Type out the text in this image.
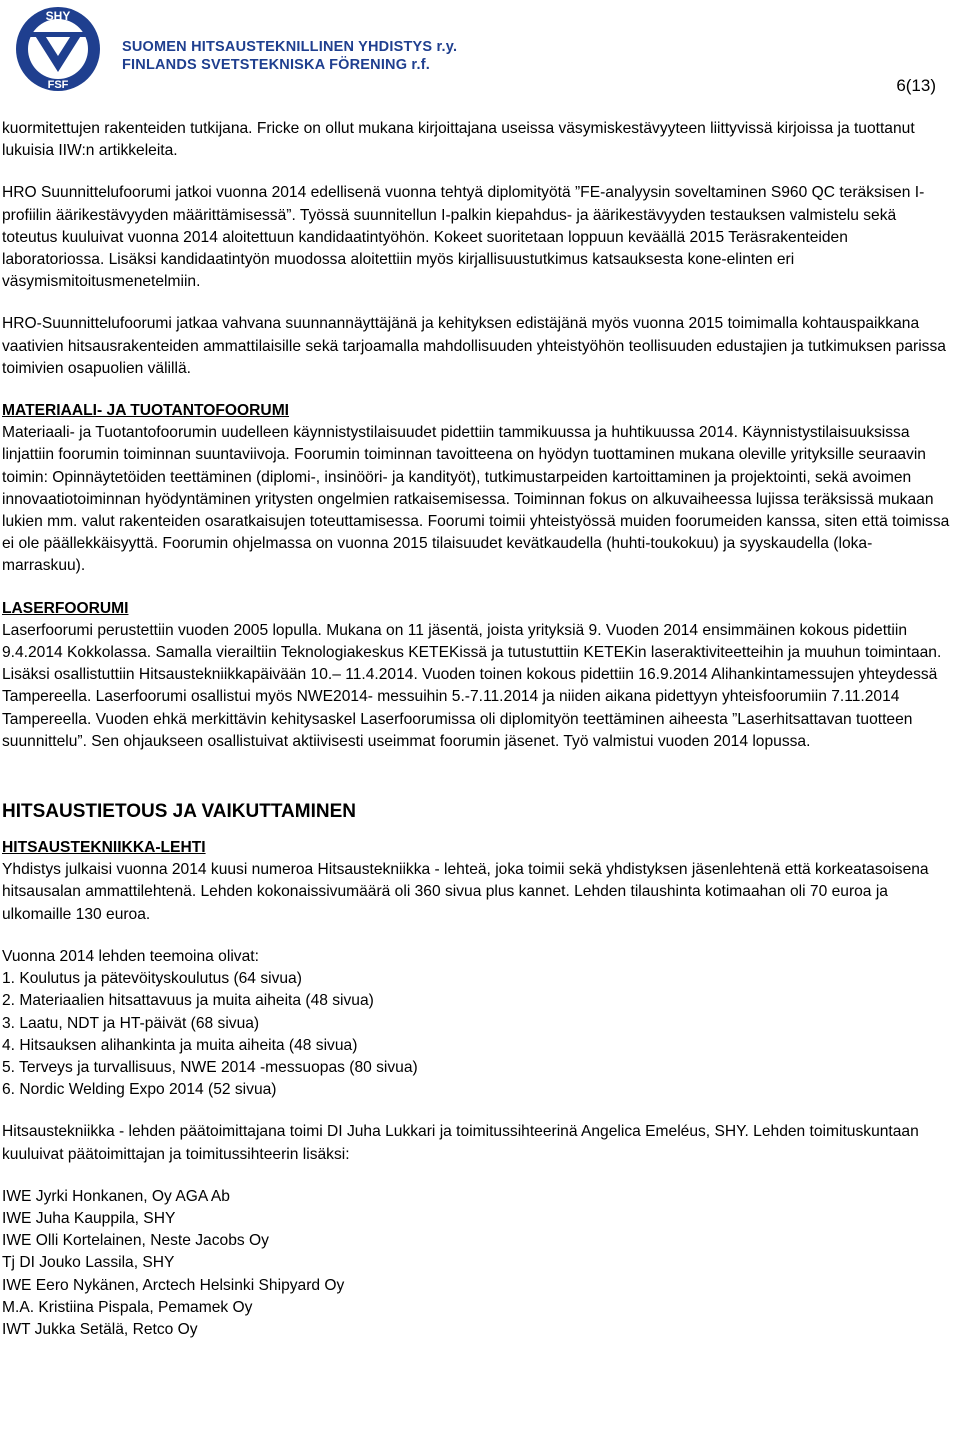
SHY
FSF
SUOMEN HITSAUSTEKNILLINEN YHDISTYS r.y.
FINLANDS SVETSTEKNISKA FÖRENING r.f.
6(13)

kuormitettujen rakenteiden tutkijana. Fricke on ollut mukana kirjoittajana useissa väsymiskestävyyteen liittyvissä kirjoissa ja tuottanut lukuisia IIW:n artikkeleita.

HRO Suunnittelufoorumi jatkoi vuonna 2014 edellisenä vuonna tehtyä diplomityötä ”FE-analyysin soveltaminen S960 QC teräksisen I-profiilin äärikestävyyden määrittämisessä”. Työssä suunnitellun I-palkin kiepahdus- ja äärikestävyyden testauksen valmistelu sekä toteutus kuuluivat vuonna 2014 aloitettuun kandidaatintyöhön. Kokeet suoritetaan loppuun keväällä 2015 Teräsrakenteiden laboratoriossa. Lisäksi kandidaatintyön muodossa aloitettiin myös kirjallisuustutkimus katsauksesta kone-elinten eri väsymismitoitusmenetelmiin.

HRO-Suunnittelufoorumi jatkaa vahvana suunnannäyttäjänä ja kehityksen edistäjänä myös vuonna 2015 toimimalla kohtauspaikkana vaativien hitsausrakenteiden ammattilaisille sekä tarjoamalla mahdollisuuden yhteistyöhön teollisuuden edustajien ja tutkimuksen parissa toimivien osapuolien välillä.

MATERIAALI- JA TUOTANTOFOORUMI

Materiaali- ja Tuotantofoorumin uudelleen käynnistystilaisuudet pidettiin tammikuussa ja huhtikuussa 2014. Käynnistystilaisuuksissa linjattiin foorumin toiminnan suuntaviivoja. Foorumin toiminnan tavoitteena on hyödyn tuottaminen mukana oleville yrityksille seuraavin toimin: Opinnäytetöiden teettäminen (diplomi-, insinööri- ja kandityöt), tutkimustarpeiden kartoittaminen ja projektointi, sekä avoimen innovaatiotoiminnan hyödyntäminen yritysten ongelmien ratkaisemisessa. Toiminnan fokus on alkuvaiheessa lujissa teräksissä mukaan lukien mm. valut rakenteiden osaratkaisujen toteuttamisessa. Foorumi toimii yhteistyössä muiden foorumeiden kanssa, siten että toimissa ei ole päällekkäisyyttä. Foorumin ohjelmassa on vuonna 2015 tilaisuudet kevätkaudella (huhti-toukokuu) ja syyskaudella (loka-marraskuu).

LASERFOORUMI

Laserfoorumi perustettiin vuoden 2005 lopulla. Mukana on 11 jäsentä, joista yrityksiä 9. Vuoden 2014 ensimmäinen kokous pidettiin 9.4.2014 Kokkolassa. Samalla vierailtiin Teknologiakeskus KETEKissä ja tutustuttiin KETEKin laseraktiviteetteihin ja muuhun toimintaan. Lisäksi osallistuttiin Hitsaustekniikkapäivään 10.– 11.4.2014. Vuoden toinen kokous pidettiin 16.9.2014 Alihankintamessujen yhteydessä Tampereella. Laserfoorumi osallistui myös NWE2014- messuihin 5.-7.11.2014 ja niiden aikana pidettyyn yhteisfoorumiin 7.11.2014 Tampereella. Vuoden ehkä merkittävin kehitysaskel Laserfoorumissa oli diplomityön teettäminen aiheesta ”Laserhitsattavan tuotteen suunnittelu”. Sen ohjaukseen osallistuivat aktiivisesti useimmat foorumin jäsenet. Työ valmistui vuoden 2014 lopussa.

HITSAUSTIETOUS JA VAIKUTTAMINEN

HITSAUSTEKNIIKKA-LEHTI

Yhdistys julkaisi vuonna 2014 kuusi numeroa Hitsaustekniikka - lehteä, joka toimii sekä yhdistyksen jäsenlehtenä että korkeatasoisena hitsausalan ammattilehtenä. Lehden kokonaissivumäärä oli 360 sivua plus kannet. Lehden tilaushinta kotimaahan oli 70 euroa ja ulkomaille 130 euroa.

Vuonna 2014 lehden teemoina olivat:

1. Koulutus ja pätevöityskoulutus (64 sivua)
2. Materiaalien hitsattavuus ja muita aiheita (48 sivua)
3. Laatu, NDT ja HT-päivät (68 sivua)
4. Hitsauksen alihankinta ja muita aiheita (48 sivua)
5. Terveys ja turvallisuus, NWE 2014 -messuopas (80 sivua)
6. Nordic Welding Expo 2014 (52 sivua)

Hitsaustekniikka - lehden päätoimittajana toimi DI Juha Lukkari ja toimitussihteerinä Angelica Emeléus, SHY. Lehden toimituskuntaan kuuluivat päätoimittajan ja toimitussihteerin lisäksi:

IWE Jyrki Honkanen, Oy AGA Ab
IWE Juha Kauppila, SHY
IWE Olli Kortelainen, Neste Jacobs Oy
Tj DI Jouko Lassila, SHY
IWE Eero Nykänen, Arctech Helsinki Shipyard Oy
M.A. Kristiina Pispala, Pemamek Oy
IWT Jukka Setälä, Retco Oy
